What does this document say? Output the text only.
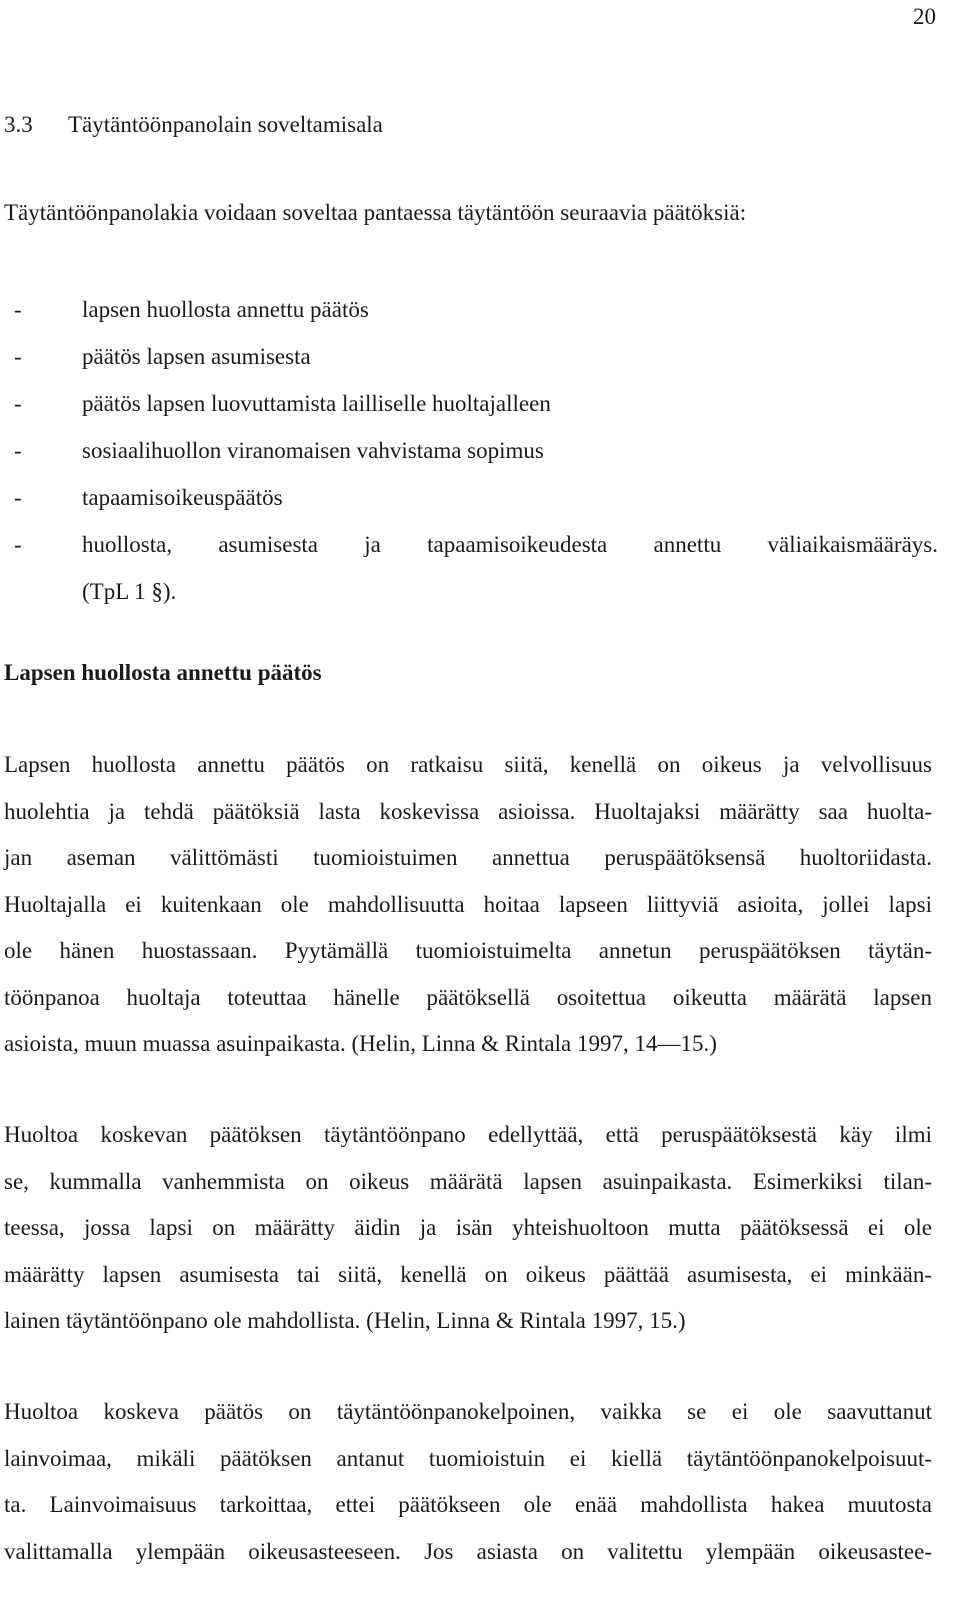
20
3.3 Täytäntöönpanolain soveltamisala
Täytäntöönpanolakia voidaan soveltaa pantaessa täytäntöön seuraavia päätöksiä:
-	lapsen huollosta annettu päätös
-	päätös lapsen asumisesta
-	päätös lapsen luovuttamista lailliselle huoltajalleen
-	sosiaalihuollon viranomaisen vahvistama sopimus
-	tapaamisoikeuspäätös
-	huollosta, asumisesta ja tapaamisoikeudesta annettu väliaikaismääräys.
(TpL 1 §).
Lapsen huollosta annettu päätös
Lapsen huollosta annettu päätös on ratkaisu siitä, kenellä on oikeus ja velvollisuus
huolehtia ja tehdä päätöksiä lasta koskevissa asioissa. Huoltajaksi määrätty saa huolta-
jan aseman välittömästi tuomioistuimen annettua peruspäätöksensä huoltoriidasta.
Huoltajalla ei kuitenkaan ole mahdollisuutta hoitaa lapseen liittyviä asioita, jollei lapsi
ole hänen huostassaan. Pyytämällä tuomioistuimelta annetun peruspäätöksen täytän-
töönpanoa huoltaja toteuttaa hänelle päätöksellä osoitettua oikeutta määrätä lapsen
asioista, muun muassa asuinpaikasta. (Helin, Linna & Rintala 1997, 14—15.)
Huoltoa koskevan päätöksen täytäntöönpano edellyttää, että peruspäätöksestä käy ilmi
se, kummalla vanhemmista on oikeus määrätä lapsen asuinpaikasta. Esimerkiksi tilan-
teessa, jossa lapsi on määrätty äidin ja isän yhteishuoltoon mutta päätöksessä ei ole
määrätty lapsen asumisesta tai siitä, kenellä on oikeus päättää asumisesta, ei minkään-
lainen täytäntöönpano ole mahdollista. (Helin, Linna & Rintala 1997, 15.)
Huoltoa koskeva päätös on täytäntöönpanokelpoinen, vaikka se ei ole saavuttanut
lainvoimaa, mikäli päätöksen antanut tuomioistuin ei kiellä täytäntöönpanokelpoisuut-
ta. Lainvoimaisuus tarkoittaa, ettei päätökseen ole enää mahdollista hakea muutosta
valittamalla ylempään oikeusasteeseen. Jos asiasta on valitettu ylempään oikeusastee-
